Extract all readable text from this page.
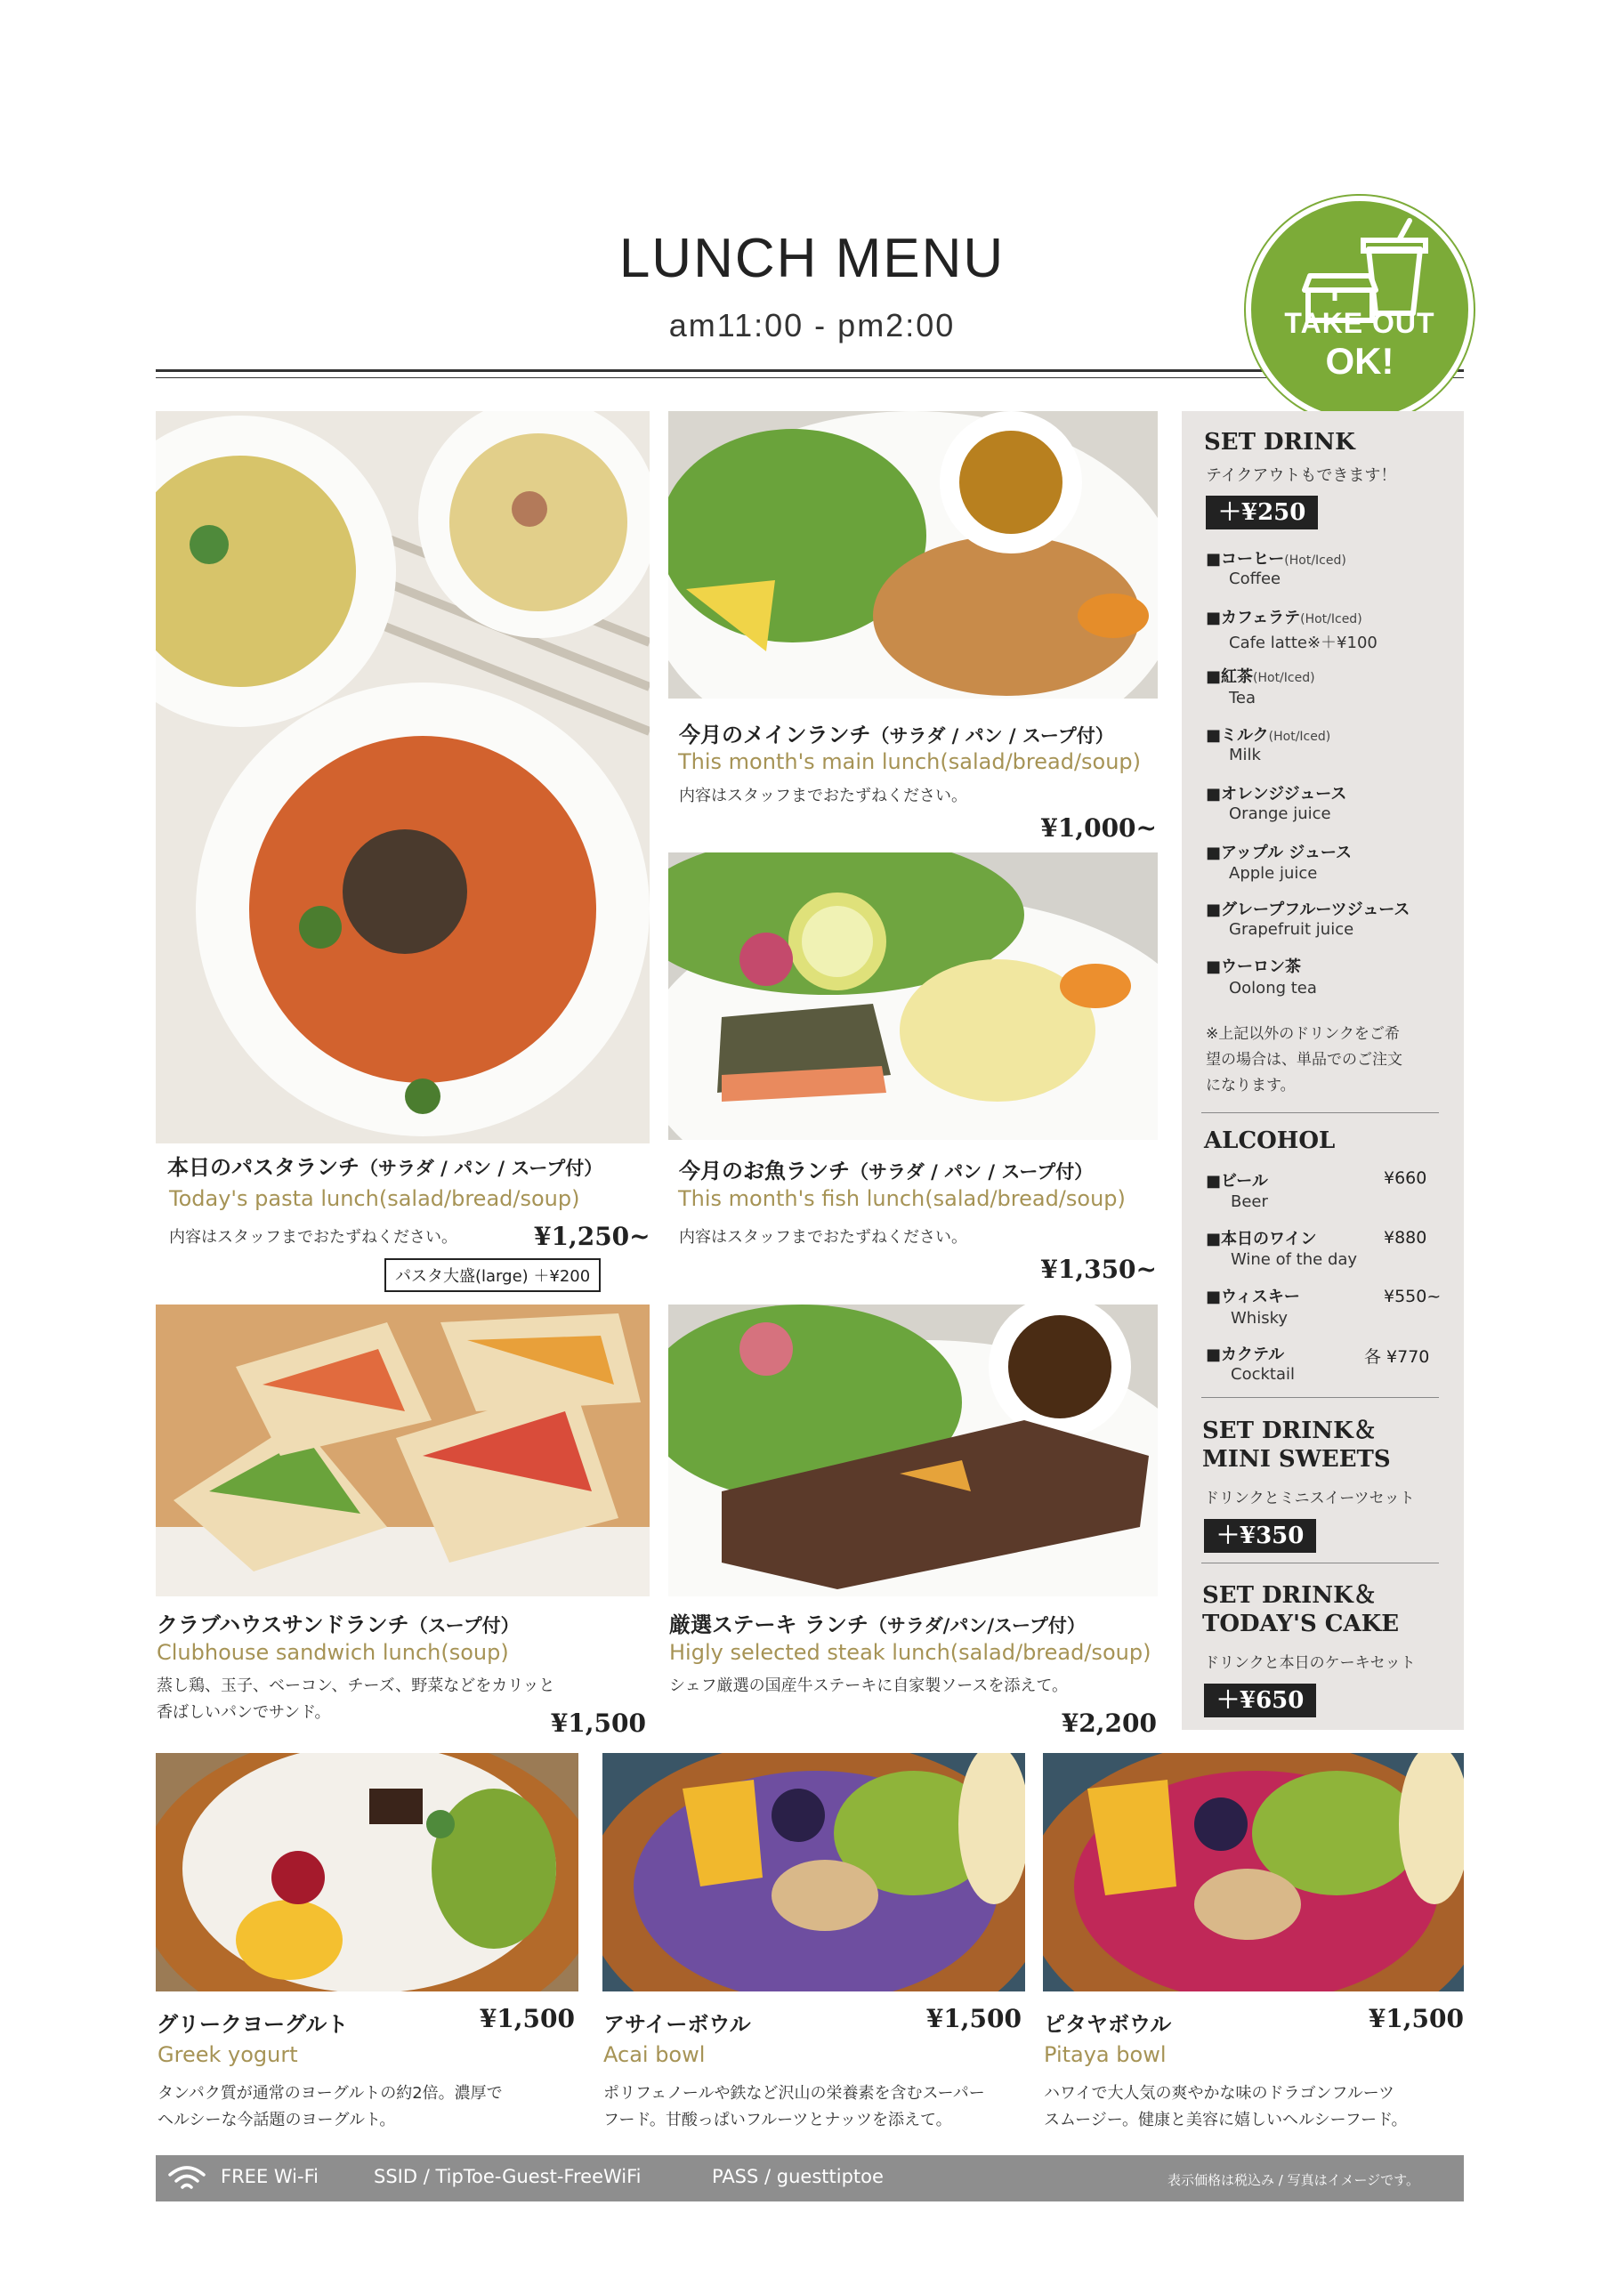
LUNCH MENU
am11:00 - pm2:00	TAKE OUT
OK!
本日のパスタランチ（サラダ / パン / スープ付）
Today's pasta lunch(salad/bread/soup)
内容はスタッフまでおたずねください。	¥1,250~
パスタ大盛(large) ＋¥200
今月のメインランチ（サラダ / パン / スープ付）
This month's main lunch(salad/bread/soup)
内容はスタッフまでおたずねください。
¥1,000~
今月のお魚ランチ（サラダ / パン / スープ付）
This month's fish lunch(salad/bread/soup)
内容はスタッフまでおたずねください。
¥1,350~
クラブハウスサンドランチ（スープ付）
Clubhouse sandwich lunch(soup)
蒸し鶏、玉子、ベーコン、チーズ、野菜などをカリッと
香ばしいパンでサンド。	¥1,500
厳選ステーキ ランチ（サラダ/パン/スープ付）
Higly selected steak lunch(salad/bread/soup)
シェフ厳選の国産牛ステーキに自家製ソースを添えて。
¥2,200
SET DRINK
テイクアウトもできます！
＋¥250
■コーヒー(Hot/Iced)
Coffee
■カフェラテ(Hot/Iced)
Cafe latte※＋¥100
■紅茶(Hot/Iced)
Tea
■ミルク(Hot/Iced)
Milk
■オレンジジュース
Orange juice
■アップル ジュース
Apple juice
■グレープフルーツジュース
Grapefruit juice
■ウーロン茶
Oolong tea
※上記以外のドリンクをご希
望の場合は、単品でのご注文
になります。
ALCOHOL
■ビール	¥660
Beer
■本日のワイン	¥880
Wine of the day
■ウィスキー	¥550~
Whisky
■カクテル	各 ¥770
Cocktail
SET DRINK＆
MINI SWEETS
ドリンクとミニスイーツセット
＋¥350
SET DRINK＆
TODAY'S CAKE
ドリンクと本日のケーキセット
＋¥650
グリークヨーグルト	¥1,500
Greek yogurt
タンパク質が通常のヨーグルトの約2倍。濃厚で
ヘルシーな今話題のヨーグルト。
アサイーボウル	¥1,500
Acai bowl
ポリフェノールや鉄など沢山の栄養素を含むスーパー
フード。甘酸っぱいフルーツとナッツを添えて。
ピタヤボウル	¥1,500
Pitaya bowl
ハワイで大人気の爽やかな味のドラゴンフルーツ
スムージー。健康と美容に嬉しいヘルシーフード。
FREE Wi-Fi	SSID / TipToe-Guest-FreeWiFi	PASS / guesttiptoe	表示価格は税込み / 写真はイメージです。
